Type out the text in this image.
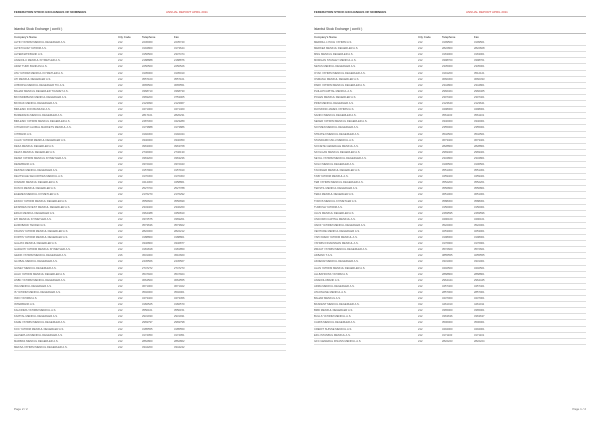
FEDERATION STOCK EXCHANGES OF NOMINEES	ANNUAL REPORT APRIL 2011
Istanbul Stock Exchange ( cont'd )
Company's Name	City Code	Telephone	Fax
ALTIN YATIRIM MENKUL DEGERLER A.S.	212	2236060	2235740
ALTINYILDIZ YATIRIM A.S.	212	3194800	3173644
ALTERNATIFBANK A.S.	212	3156500	2337474
ANADOLU MENKUL KIYMETLER A.S.	212	2188888	2188876
ARAP TURK BANKASI A.S.	212	2250500	2250526
ATA YATIRIM MENKUL KIYMETLER A.S.	212	3105000	3105010
ATI MENKUL DEGERLER A.S.	212	3557100	3557101
AYBORSA MENKUL DEGERLER TIC.A.S.	212	3665500	3665551
BAHAR MENKUL DEGERLER TICARET A.S.	212	3368710	3368730
BAYINDIRBANK MENKUL DEGERLER A.S.	212	3369200	3753005
BAYRAK MENKUL DEGERLER A.S.	212	2123990	2123967
BIRLESIK FON BANKASI A.S.	212	3471000	3471460
BUMERANG MENKUL DEGERLER A.S.	212	2817101	2826231
BIRLESIK YATIRIM MENKUL DEGERLER A.S.	212	2487300	3423289
CITIGROUP GLOBAL MARKETS MENKUL A.S.	212	3173888	3173886
CITIBANK A.S.	212	3192300	3192344
CALIK YATIRIM MENKUL DEGERLER A.S.	212	3340000	3340050
DEKA MENKUL DEGERLER A.S.	212	3963000	3963768
DELTA MENKUL DEGERLER A.S.	212	2746000	2746130
DENIZ YATIRIM MENKUL KIYMETLER A.S.	212	3363200	3363236
DENIZBANK A.S.	212	3372020	3372043
DESTEK MENKUL DEGERLER A.S.	212	3157900	3157910
DEUTSCHE SECURITIES MENKUL A.S.	212	3170300	3170303
DINAMIK MENKUL DEGERLER A.S.	212	3414300	3458861
DUNYA MENKUL DEGERLER A.S.	212	2527700	2527788
EGEMEN MENKUL KIYMETLER A.S.	212	2176270	2176292
EKINCI YATIRIM MENKUL DEGERLER A.S.	212	3556600	3556699
EKSPRES INVEST MENKUL DEGERLER A.S.	212	2343400	2346260
ERGO MENKUL DEGERLER A.S.	212	3364488	3450810
ETI MENKUL KIYMETLER A.S.	212	3372575	3369201
EUROBANK TEKFEN A.S.	212	3573636	3573602
FINANS YATIRIM MENKUL DEGERLER A.S.	212	2822000	2822212
FORTIS YATIRIM MENKUL DEGERLER A.S.	212	3188800	3188801
GALATA MENKUL DEGERLER A.S.	212	3346800	3346877
GARANTI YATIRIM MENKUL KIYMETLER A.S.	212	3181818	3181850
GEDIK YATIRIM MENKUL DEGERLER A.S.	216	4531000	4510660
GLOBAL MENKUL DEGERLER A.S.	212	2445566	2445567
GUNEY MENKUL DEGERLER A.S.	212	2747272	2747273
HALK YATIRIM MENKUL DEGERLER A.S.	212	3547920	3547924
HSBC YATIRIM MENKUL DEGERLER A.S.	212	3664500	3664555
ING MENKUL DEGERLER A.S.	212	3671000	3671022
IS YATIRIM MENKUL DEGERLER A.S.	212	3502000	3502001
INFO YATIRIM A.S.	212	3473400	3473456
INTERBANK A.S.	212	3182525	3182570
KALKINMA YATIRIM MENKUL A.S.	212	3550101	3550151
KAPITAL MENKUL DEGERLER A.S.	212	2931930	2931931
KARE YATIRIM MENKUL DEGERLER A.S.	212	2969797	2969798
KOC YATIRIM MENKUL DEGERLER A.S.	212	3185555	3185550
LEASEPLAN MENKUL DEGERLER A.S.	212	3174050	3174051
MARBAS MENKUL DEGERLER A.S.	212	2862800	2862862
MEKSA YATIRIM MENKUL DEGERLER A.S.	212	3344200	3344242
Page 2 / 2
FEDERATION STOCK EXCHANGES OF NOMINEES	ANNUAL REPORT APRIL 2011
Istanbul Stock Exchange ( cont'd )
Company's Name	City Code	Telephone	Fax
MERRILL LYNCH YATIRIM A.S.	212	3199500	3199501
MERKEZ MENKUL DEGERLER A.S.	212	2822800	2822828
MNG MENKUL DEGERLER A.S.	212	3163000	3163001
MORGAN STANLEY MENKUL A.S.	212	3398700	3398701
NETAS MENKUL DEGERLER A.S.	212	2335000	2335001
OYAK YATIRIM MENKUL DEGERLER A.S.	212	3191200	3512121
OSMANLI MENKUL DEGERLER A.S.	212	3660300	3660333
PARK YATIRIM MENKUL DEGERLER A.S.	212	2344800	2344801
PHILLIPCAPITAL MENKUL A.S.	212	2966464	2966465
POLEN MENKUL DEGERLER A.S.	212	2307400	2307401
PRIM MENKUL DEGERLER A.S.	212	2123640	2123641
RAYMOND JAMES YATIRIM A.S.	212	3498000	3498001
SANKO MENKUL DEGERLER A.S.	212	3561100	3561101
SEKER YATIRIM MENKUL DEGERLER A.S.	212	3340000	3340001
SOYMEN MENKUL DEGERLER A.S.	212	2355000	2355001
STRATEJI MENKUL DEGERLER A.S.	212	3542500	3542501
STANDARD UNLU MENKUL A.S.	212	3673400	3673401
SOCIETE GENERALE MENKUL A.S.	212	2828800	2828801
SAYILGAN MENKUL DEGERLER A.S.	212	2969400	2969401
SEYAL YATIRIM MENKUL DEGERLER A.S.	212	2334800	2334801
SOLO MENKUL DEGERLER A.S.	212	3106500	3106501
TACIRLER MENKUL DEGERLER A.S.	212	3551300	3551301
TAIB YATIRIM MENKUL A.S.	212	3459400	3459401
TEB YATIRIM MENKUL DEGERLER A.S.	212	3552200	3552201
TEKSTIL MENKUL DEGERLER A.S.	212	3556800	3556801
TERA MENKUL DEGERLER A.S.	212	3651000	3651001
TOROS MENKUL KIYMETLER A.S.	212	3588300	3588301
TURKISH YATIRIM A.S.	212	3150000	3150001
ULUS MENKUL DEGERLER A.S.	212	2469595	2469596
UNICORN CAPITAL MENKUL A.S.	212	3490100	3490101
VAKIF YATIRIM MENKUL DEGERLER A.S.	212	3522000	3522001
VENTURE MENKUL DEGERLER A.S.	212	3253000	3253001
YAPI KREDI YATIRIM MENKUL A.S.	212	3198000	3198001
YATIRIM FINANSMAN MENKUL A.S.	212	3176900	3176901
ZIRAAT YATIRIM MENKUL DEGERLER A.S.	212	3572600	3572601
AKBANK T.A.S.	212	3855555	3255555
AKDENIZ MENKUL DEGERLER A.S.	212	3331000	3331001
ALAN YATIRIM MENKUL DEGERLER A.S.	212	3402500	3402501
ALLBATROSS YATIRIM A.S.	212	2868800	2868801
ANADOLUBANK A.S.	212	2964444	2964445
ARMA MENKUL DEGERLER A.S.	212	3457400	3457401
ATAONLINE MENKUL A.S.	212	2857000	2857001
BAHAR MENKUL A.S.	212	3437000	3437001
BASKENT MENKUL DEGERLER A.S.	312	4461010	4461011
BMD MENKUL DEGERLER A.S.	212	3365000	3365001
BULLS YATIRIM MENKUL A.S.	212	3363636	3363637
CAMIS MENKUL DEGERLER A.S.	212	3506000	3506001
CREDIT SUISSE MENKUL A.S.	212	3494000	3494001
EFG ISTANBUL MENKUL A.S.	212	3171100	3171101
GFC GENERAL FINANS MENKUL A.S.	212	2822223	2822224
Page 1 / 2
